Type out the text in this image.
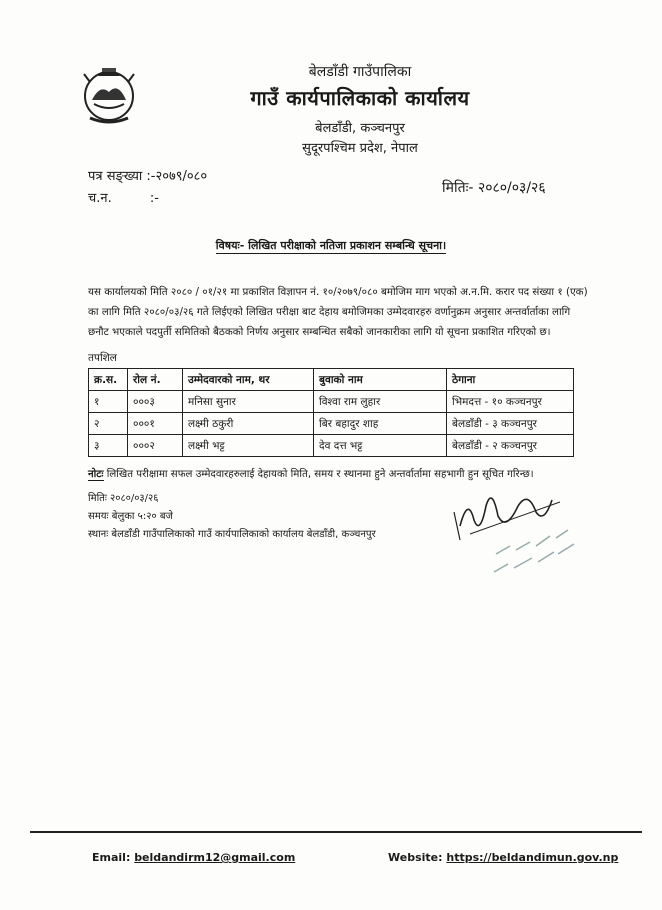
बेलडाँडी गाउँपालिका
गाउँ कार्यपालिकाको कार्यालय
बेलडाँडी, कञ्चनपुर
सुदूरपश्चिम प्रदेश, नेपाल
पत्र सङ्ख्या :-२०७९/०८०
च.न.	:-
मितिः- २०८०/०३/२६
विषयः- लिखित परीक्षाको नतिजा प्रकाशन सम्बन्धि सूचना।
यस कार्यालयको मिति २०८० / ०१/२१ मा प्रकाशित विज्ञापन नं. १०/२०७९/०८० बमोजिम माग भएको अ.न.मि. करार पद संख्या १ (एक) का लागि मिति २०८०/०३/२६ गते लिईएको लिखित परीक्षा बाट देहाय बमोजिमका उम्मेदवारहरु वर्णानुक्रम अनुसार अन्तर्वार्ताका लागि छनौट भएकाले पदपुर्ती समितिको बैठकको निर्णय अनुसार सम्बन्धित सबैको जानकारीका लागि यो सूचना प्रकाशित गरिएको छ।
तपशिल
क्र.स.	रोल नं.	उम्मेदवारको नाम, थर	बुवाको नाम	ठेगाना
१	०००३	मनिसा सुनार	विश्वा राम लुहार	भिमदत्त - १० कञ्चनपुर
२	०००१	लक्ष्मी ठकुरी	बिर बहादुर शाह	बेलडाँडी - ३ कञ्चनपुर
३	०००२	लक्ष्मी भट्ट	देव दत्त भट्ट	बेलडाँडी - २ कञ्चनपुर
नोटः लिखित परीक्षामा सफल उम्मेदवारहरुलाई देहायको मिति, समय र स्थानमा हुने अन्तर्वार्तामा सहभागी हुन सूचित गरिन्छ।
मितिः २०८०/०३/२६
समयः बेलुका ५:२० बजे
स्थानः बेलडाँडी गाउँपालिकाको गाउँ कार्यपालिकाको कार्यालय बेलडाँडी, कञ्चनपुर
Email: beldandirm12@gmail.com	Website: https://beldandimun.gov.np
